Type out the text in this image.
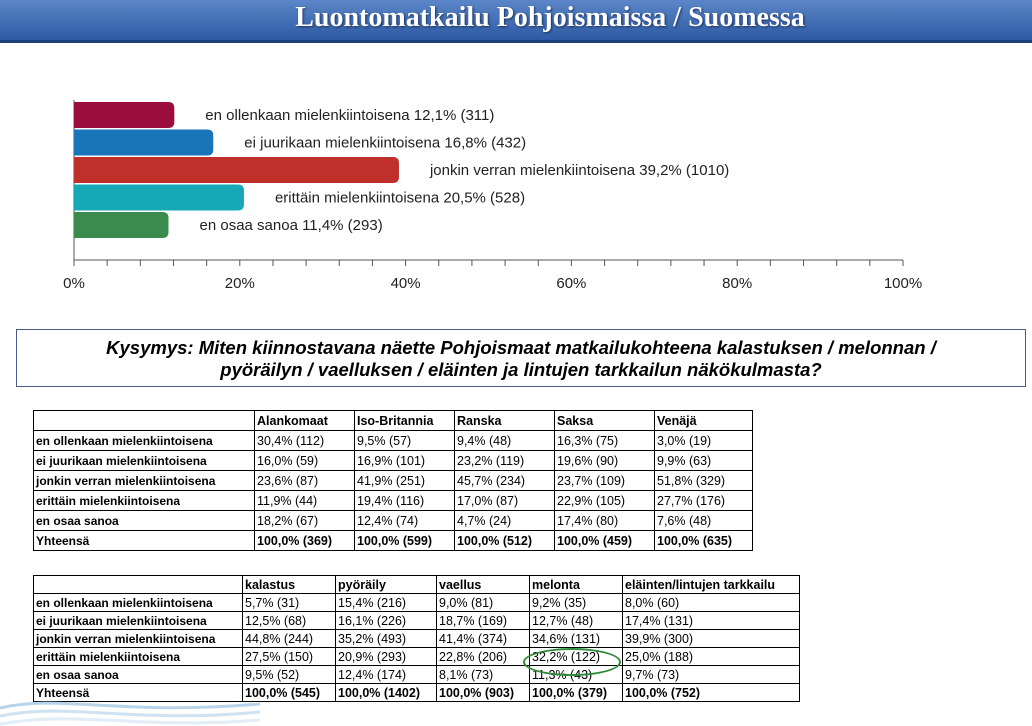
Luontomatkailu Pohjoismaissa / Suomessa
en ollenkaan mielenkiintoisena 12,1% (311)
ei juurikaan mielenkiintoisena 16,8% (432)
jonkin verran mielenkiintoisena 39,2% (1010)
erittäin mielenkiintoisena 20,5% (528)
en osaa sanoa 11,4% (293)
0%	20%	40%	60%	80%	100%
Kysymys: Miten kiinnostavana näette Pohjoismaat matkailukohteena kalastuksen / melonnan /
pyöräilyn / vaelluksen / eläinten ja lintujen tarkkailun näkökulmasta?
	Alankomaat	Iso-Britannia	Ranska	Saksa	Venäjä
en ollenkaan mielenkiintoisena	30,4% (112)	9,5% (57)	9,4% (48)	16,3% (75)	3,0% (19)
ei juurikaan mielenkiintoisena	16,0% (59)	16,9% (101)	23,2% (119)	19,6% (90)	9,9% (63)
jonkin verran mielenkiintoisena	23,6% (87)	41,9% (251)	45,7% (234)	23,7% (109)	51,8% (329)
erittäin mielenkiintoisena	11,9% (44)	19,4% (116)	17,0% (87)	22,9% (105)	27,7% (176)
en osaa sanoa	18,2% (67)	12,4% (74)	4,7% (24)	17,4% (80)	7,6% (48)
Yhteensä	100,0% (369)	100,0% (599)	100,0% (512)	100,0% (459)	100,0% (635)
	kalastus	pyöräily	vaellus	melonta	eläinten/lintujen tarkkailu
en ollenkaan mielenkiintoisena	5,7% (31)	15,4% (216)	9,0% (81)	9,2% (35)	8,0% (60)
ei juurikaan mielenkiintoisena	12,5% (68)	16,1% (226)	18,7% (169)	12,7% (48)	17,4% (131)
jonkin verran mielenkiintoisena	44,8% (244)	35,2% (493)	41,4% (374)	34,6% (131)	39,9% (300)
erittäin mielenkiintoisena	27,5% (150)	20,9% (293)	22,8% (206)	32,2% (122)	25,0% (188)
en osaa sanoa	9,5% (52)	12,4% (174)	8,1% (73)	11,3% (43)	9,7% (73)
Yhteensä	100,0% (545)	100,0% (1402)	100,0% (903)	100,0% (379)	100,0% (752)
